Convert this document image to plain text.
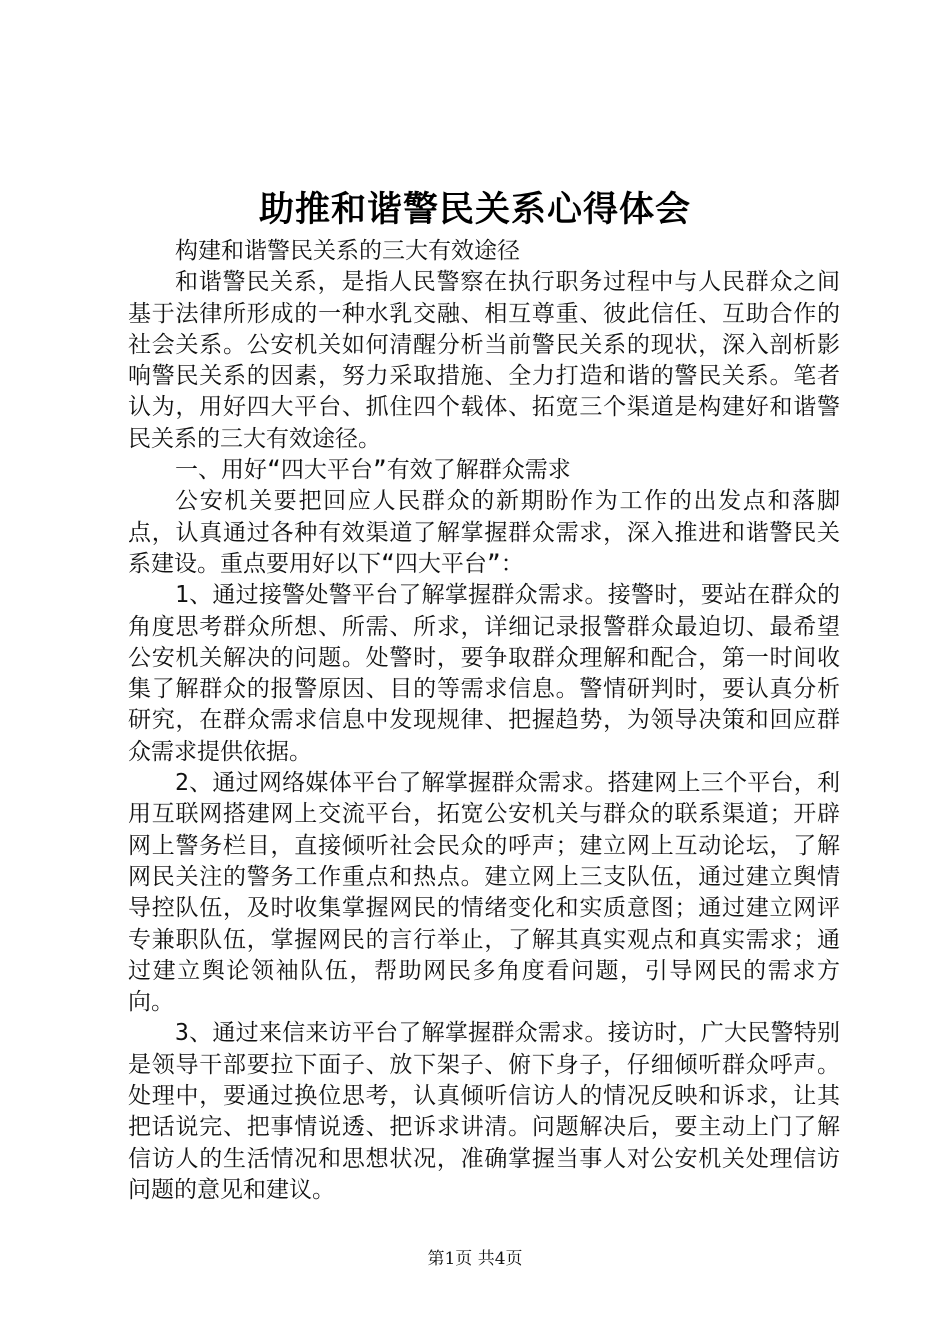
助推和谐警民关系心得体会

构建和谐警民关系的三大有效途径

和谐警民关系，是指人民警察在执行职务过程中与人民群众之间基于法律所形成的一种水乳交融、相互尊重、彼此信任、互助合作的社会关系。公安机关如何清醒分析当前警民关系的现状，深入剖析影响警民关系的因素，努力采取措施、全力打造和谐的警民关系。笔者认为，用好四大平台、抓住四个载体、拓宽三个渠道是构建好和谐警民关系的三大有效途径。

一、用好“四大平台”有效了解群众需求

公安机关要把回应人民群众的新期盼作为工作的出发点和落脚点，认真通过各种有效渠道了解掌握群众需求，深入推进和谐警民关系建设。重点要用好以下“四大平台”：

1、通过接警处警平台了解掌握群众需求。接警时，要站在群众的角度思考群众所想、所需、所求，详细记录报警群众最迫切、最希望公安机关解决的问题。处警时，要争取群众理解和配合，第一时间收集了解群众的报警原因、目的等需求信息。警情研判时，要认真分析研究，在群众需求信息中发现规律、把握趋势，为领导决策和回应群众需求提供依据。

2、通过网络媒体平台了解掌握群众需求。搭建网上三个平台，利用互联网搭建网上交流平台，拓宽公安机关与群众的联系渠道；开辟网上警务栏目，直接倾听社会民众的呼声；建立网上互动论坛，了解网民关注的警务工作重点和热点。建立网上三支队伍，通过建立舆情导控队伍，及时收集掌握网民的情绪变化和实质意图；通过建立网评专兼职队伍，掌握网民的言行举止，了解其真实观点和真实需求；通过建立舆论领袖队伍，帮助网民多角度看问题，引导网民的需求方向。

3、通过来信来访平台了解掌握群众需求。接访时，广大民警特别是领导干部要拉下面子、放下架子、俯下身子，仔细倾听群众呼声。处理中，要通过换位思考，认真倾听信访人的情况反映和诉求，让其把话说完、把事情说透、把诉求讲清。问题解决后，要主动上门了解信访人的生活情况和思想状况，准确掌握当事人对公安机关处理信访问题的意见和建议。

第1页 共4页
